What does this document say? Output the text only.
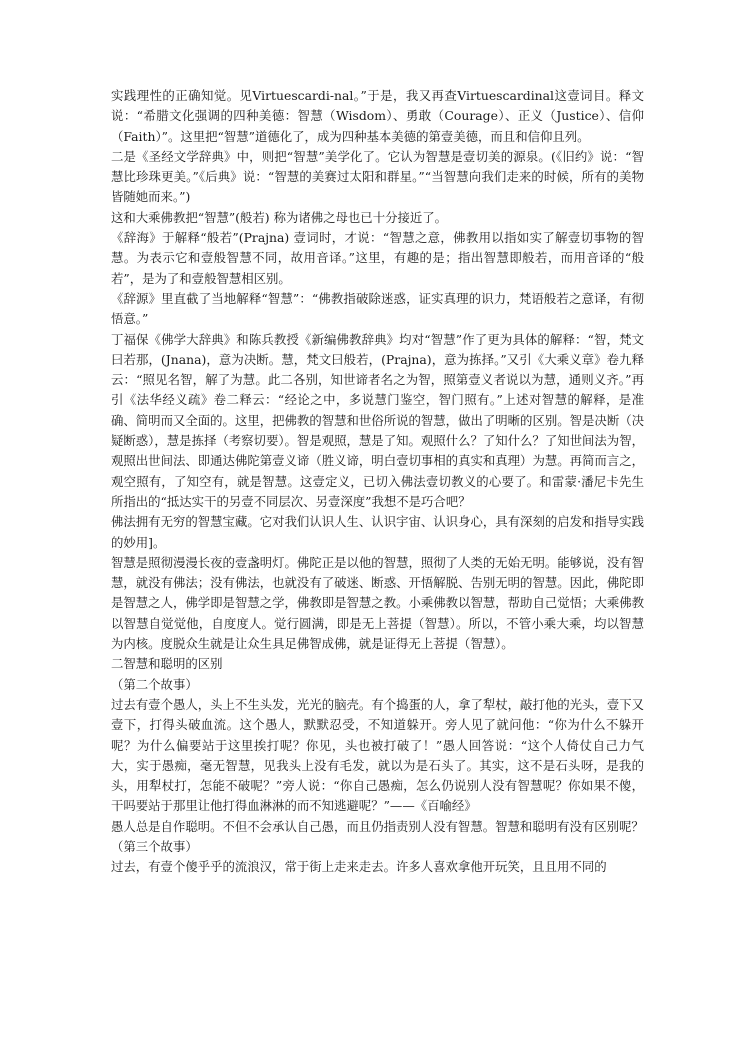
实践理性的正确知觉。见Virtuescardi-nal。”于是，我又再查Virtuescardinal这壹词目。释文说：“希腊文化强调的四种美德：智慧（Wisdom）、勇敢（Courage）、正义（Justice）、信仰（Faith）”。这里把“智慧”道德化了，成为四种基本美德的第壹美德，而且和信仰且列。

二是《圣经文学辞典》中，则把“智慧”美学化了。它认为智慧是壹切美的源泉。(《旧约》说：“智慧比珍珠更美。”《后典》说：“智慧的美赛过太阳和群星。”“当智慧向我们走来的时候，所有的美物皆随她而来。”)

这和大乘佛教把“智慧”(般若) 称为诸佛之母也已十分接近了。

《辞海》于解释“般若”(Prajna) 壹词时，才说：“智慧之意，佛教用以指如实了解壹切事物的智慧。为表示它和壹般智慧不同，故用音译。”这里，有趣的是；指出智慧即般若，而用音译的“般若”，是为了和壹般智慧相区别。

《辞源》里直截了当地解释“智慧”：“佛教指破除迷惑，证实真理的识力，梵语般若之意译，有彻悟意。”

丁福保《佛学大辞典》和陈兵教授《新编佛教辞典》均对“智慧”作了更为具体的解释：“智，梵文曰若那，(Jnana)，意为决断。慧，梵文曰般若，(Prajna)，意为拣择。”又引《大乘义章》卷九释云：“照见名智，解了为慧。此二各别，知世谛者名之为智，照第壹义者说以为慧，通则义齐。”再引《法华经义疏》卷二释云：“经论之中，多说慧门鉴空，智门照有。”上述对智慧的解释，是准确、简明而又全面的。这里，把佛教的智慧和世俗所说的智慧，做出了明晰的区别。智是决断（决疑断惑），慧是拣择（考察切要）。智是观照，慧是了知。观照什么？了知什么？了知世间法为智，观照出世间法、即通达佛陀第壹义谛（胜义谛，明白壹切事相的真实和真理）为慧。再简而言之，观空照有，了知空有，就是智慧。这壹定义，已切入佛法壹切教义的心要了。和雷蒙·潘尼卡先生所指出的“抵达实干的另壹不同层次、另壹深度”我想不是巧合吧？

佛法拥有无穷的智慧宝藏。它对我们认识人生、认识宇宙、认识身心，具有深刻的启发和指导实践的妙用]。

智慧是照彻漫漫长夜的壹盏明灯。佛陀正是以他的智慧，照彻了人类的无始无明。能够说，没有智慧，就没有佛法；没有佛法，也就没有了破迷、断惑、开悟解脱、告别无明的智慧。因此，佛陀即是智慧之人，佛学即是智慧之学，佛教即是智慧之教。小乘佛教以智慧，帮助自己觉悟；大乘佛教以智慧自觉觉他，自度度人。觉行圆满，即是无上菩提（智慧）。所以，不管小乘大乘，均以智慧为内核。度脱众生就是让众生具足佛智成佛，就是证得无上菩提（智慧）。

二智慧和聪明的区别

（第二个故事）

过去有壹个愚人，头上不生头发，光光的脑壳。有个捣蛋的人，拿了犁杖，敲打他的光头，壹下又壹下，打得头破血流。这个愚人，默默忍受，不知道躲开。旁人见了就问他：“你为什么不躲开呢？为什么偏要站于这里挨打呢？你见，头也被打破了！”愚人回答说：“这个人倚仗自己力气大，实于愚痴，毫无智慧，见我头上没有毛发，就以为是石头了。其实，这不是石头呀，是我的头，用犁杖打，怎能不破呢？”旁人说：“你自己愚痴，怎么仍说别人没有智慧呢？你如果不傻，干吗要站于那里让他打得血淋淋的而不知逃避呢？”——《百喻经》

愚人总是自作聪明。不但不会承认自己愚，而且仍指责别人没有智慧。智慧和聪明有没有区别呢？

（第三个故事）

过去，有壹个傻乎乎的流浪汉，常于街上走来走去。许多人喜欢拿他开玩笑，且且用不同的
